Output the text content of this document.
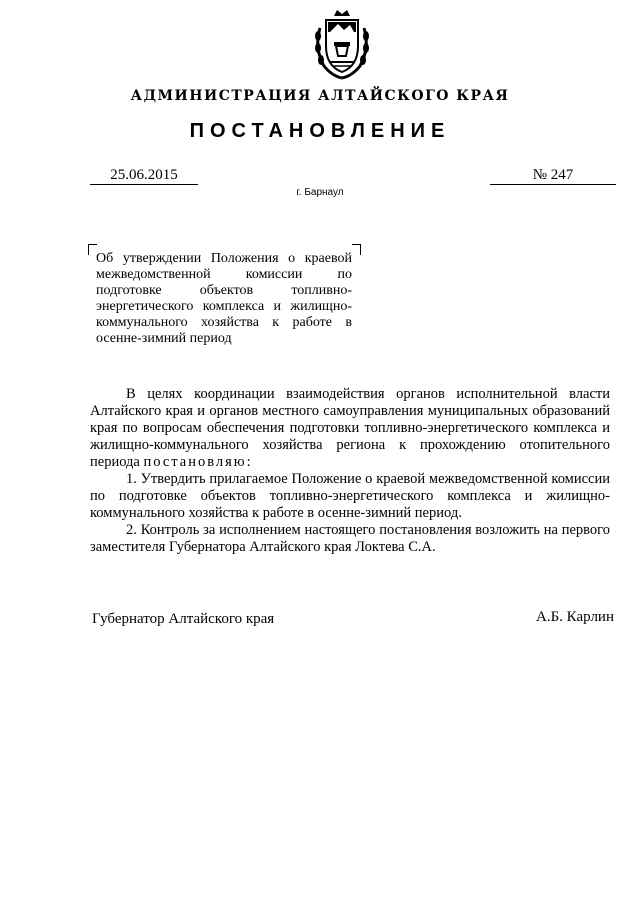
АДМИНИСТРАЦИЯ АЛТАЙСКОГО КРАЯ
ПОСТАНОВЛЕНИЕ
25.06.2015	№ 247
г. Барнаул
Об утверждении Положения о краевой межведомственной комиссии по подготовке объектов топливно-энергетического комплекса и жилищно-коммунального хозяйства к работе в осенне-зимний период

В целях координации взаимодействия органов исполнительной власти Алтайского края и органов местного самоуправления муниципальных образований края по вопросам обеспечения подготовки топливно-энергетического комплекса и жилищно-коммунального хозяйства региона к прохождению отопительного периода постановляю:

1. Утвердить прилагаемое Положение о краевой межведомственной комиссии по подготовке объектов топливно-энергетического комплекса и жилищно-коммунального хозяйства к работе в осенне-зимний период.

2. Контроль за исполнением настоящего постановления возложить на первого заместителя Губернатора Алтайского края Локтева С.А.

Губернатор Алтайского края	А.Б. Карлин
